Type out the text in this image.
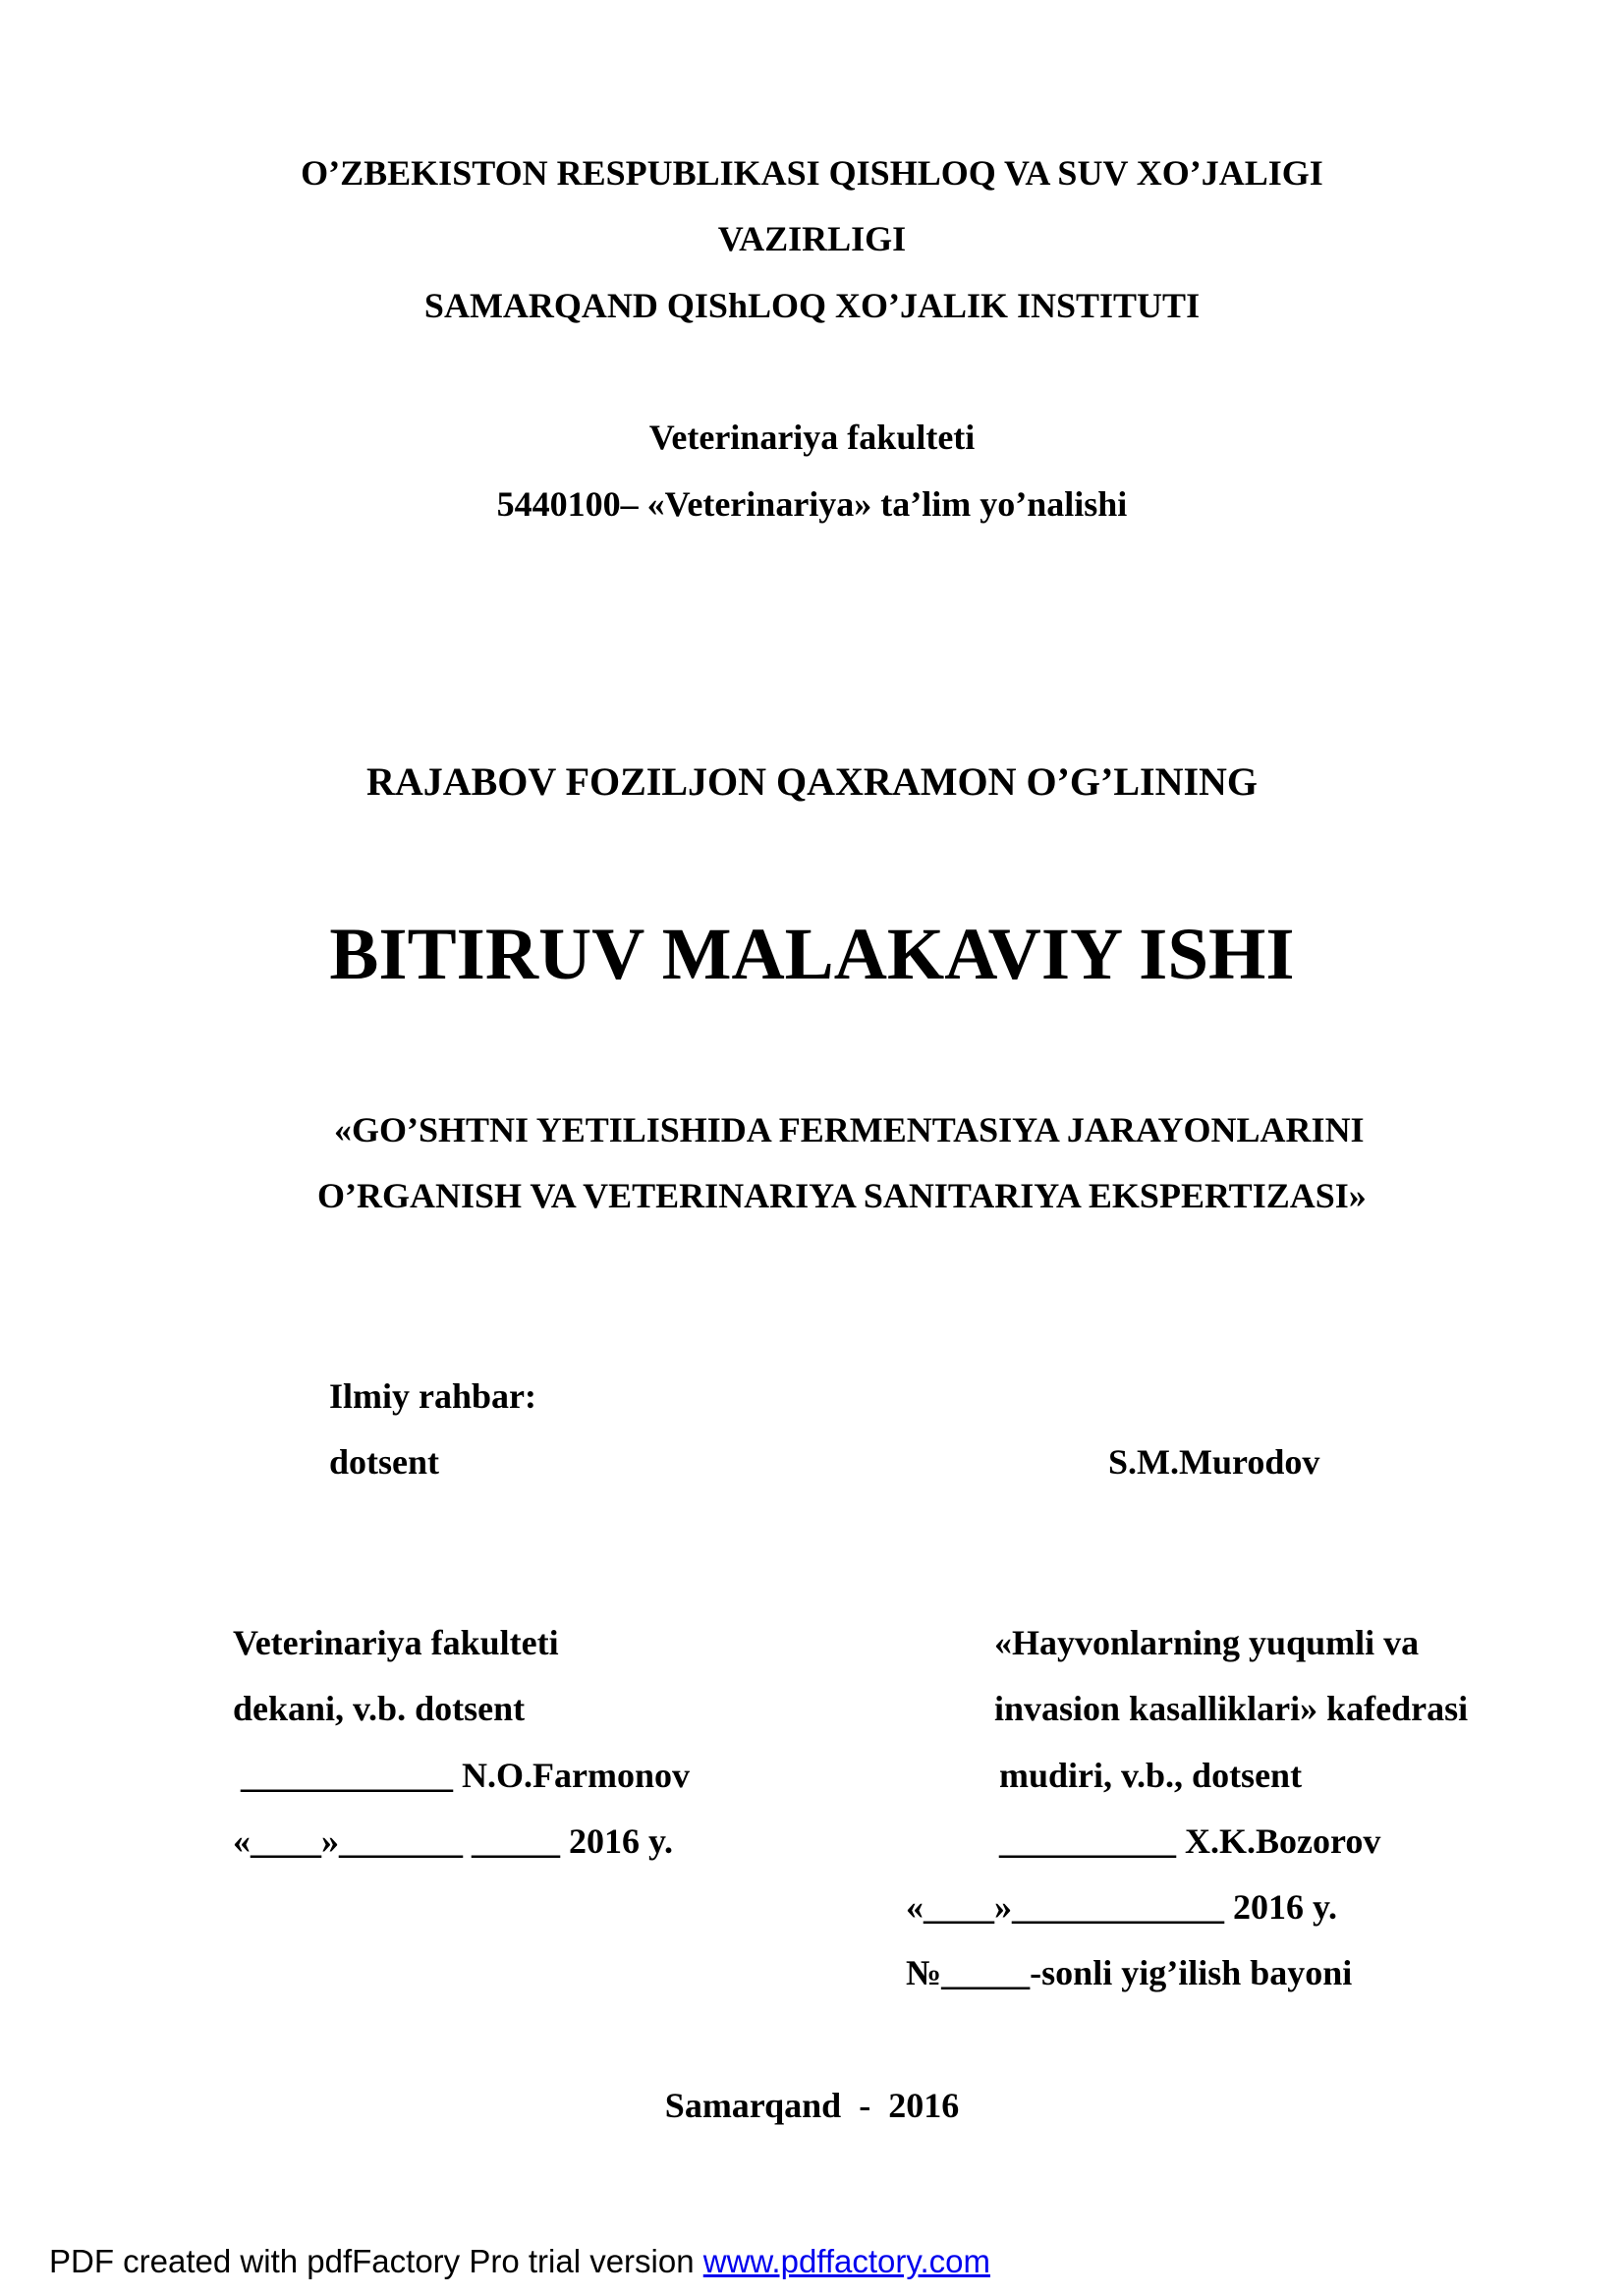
O’ZBEKISTON RESPUBLIKASI QISHLOQ VA SUV XO’JALIGI
VAZIRLIGI
SAMARQAND QIShLOQ XO’JALIK INSTITUTI
Veterinariya fakulteti
5440100– «Veterinariya» ta’lim yo’nalishi
RAJABOV FOZILJON QAXRAMON O’G’LINING
BITIRUV MALAKAVIY ISHI
«GO’SHTNI YETILISHIDA FERMENTASIYA JARAYONLARINI
O’RGANISH VA VETERINARIYA SANITARIYA EKSPERTIZASI»
Ilmiy rahbar:
dotsent	S.M.Murodov
Veterinariya fakulteti
dekani, v.b. dotsent
____________ N.O.Farmonov
«____»_______ _____ 2016 y.
«Hayvonlarning yuqumli va
invasion kasalliklari» kafedrasi
mudiri, v.b., dotsent
__________ X.K.Bozorov
«____»____________ 2016 y.
№_____-sonli yig’ilish bayoni
Samarqand  -  2016
PDF created with pdfFactory Pro trial version www.pdffactory.com
